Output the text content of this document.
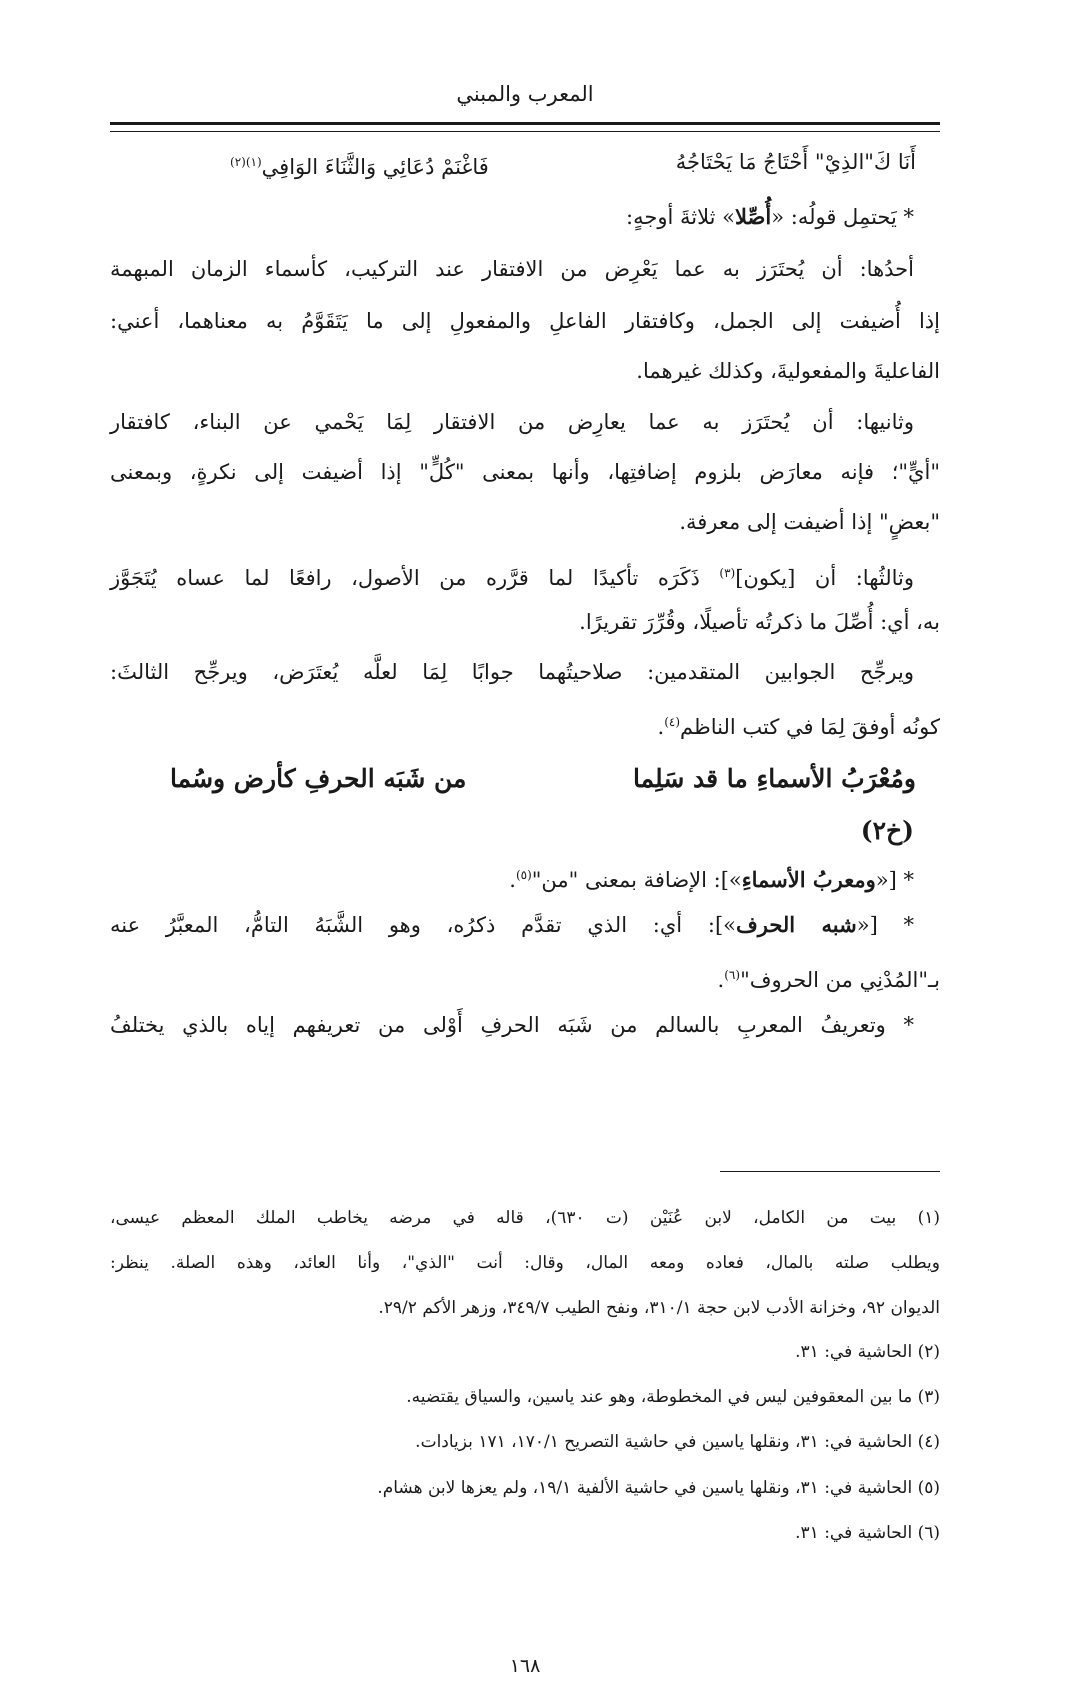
المعرب والمبني
أَنَا كَ"الذِيْ" أَحْتَاجُ مَا يَحْتَاجُهُ
فَاغْنَمْ دُعَائِي وَالثَّنَاءَ الوَافِي$^{(١)(٢)}$
* يَحتمِل قولُه: «أُصِّلا» ثلاثةَ أوجهٍ:
أحدُها: أن يُحتَرَز به عما يَعْرِض من الافتقار عند التركيب، كأسماء الزمان المبهمة
إذا أُضيفت إلى الجمل، وكافتقار الفاعلِ والمفعولِ إلى ما يَتَقَوَّمُ به معناهما، أعني:
الفاعليةَ والمفعوليةَ، وكذلك غيرهما.
وثانيها: أن يُحتَرَز به عما يعارِض من الافتقار لِمَا يَحْمي عن البناء، كافتقار
"أيٍّ"؛ فإنه معارَض بلزوم إضافتِها، وأنها بمعنى "كُلٍّ" إذا أضيفت إلى نكرةٍ، وبمعنى
"بعضٍ" إذا أضيفت إلى معرفة.
وثالثُها: أن [يكون]$^{(٣)}$ ذَكَرَه تأكيدًا لما قرَّره من الأصول، رافعًا لما عساه يُتَجَوَّز
به، أي: أُصِّلَ ما ذكرتُه تأصيلًا، وقُرِّرَ تقريرًا.
ويرجِّح الجوابين المتقدمين: صلاحيتُهما جوابًا لِمَا لعلَّه يُعتَرَض، ويرجِّح الثالثَ:
كونُه أوفقَ لِمَا في كتب الناظم$^{(٤)}$.
ومُعْرَبُ الأسماءِ ما قد سَلِما
من شَبَه الحرفِ كأرض وسُما
(خ٢)
* [«ومعربُ الأسماءِ»]: الإضافة بمعنى "من"$^{(٥)}$.
* [«شبه الحرف»]: أي: الذي تقدَّم ذكرُه، وهو الشَّبَهُ التامُّ، المعبَّرُ عنه
بـ"المُدْنِي من الحروف"$^{(٦)}$.
* وتعريفُ المعربِ بالسالم من شَبَه الحرفِ أَوْلى من تعريفهم إياه بالذي يختلفُ
(١) بيت من الكامل، لابن عُنَيْن (ت ٦٣٠)، قاله في مرضه يخاطب الملك المعظم عيسى،
ويطلب صلته بالمال، فعاده ومعه المال، وقال: أنت "الذي"، وأنا العائد، وهذه الصلة. ينظر:
الديوان ٩٢، وخزانة الأدب لابن حجة ٣١٠/١، ونفح الطيب ٣٤٩/٧، وزهر الأكم ٢٩/٢.
(٢) الحاشية في: ٣١.
(٣) ما بين المعقوفين ليس في المخطوطة، وهو عند ياسين، والسياق يقتضيه.
(٤) الحاشية في: ٣١، ونقلها ياسين في حاشية التصريح ١٧٠/١، ١٧١ بزيادات.
(٥) الحاشية في: ٣١، ونقلها ياسين في حاشية الألفية ١٩/١، ولم يعزها لابن هشام.
(٦) الحاشية في: ٣١.
١٦٨
